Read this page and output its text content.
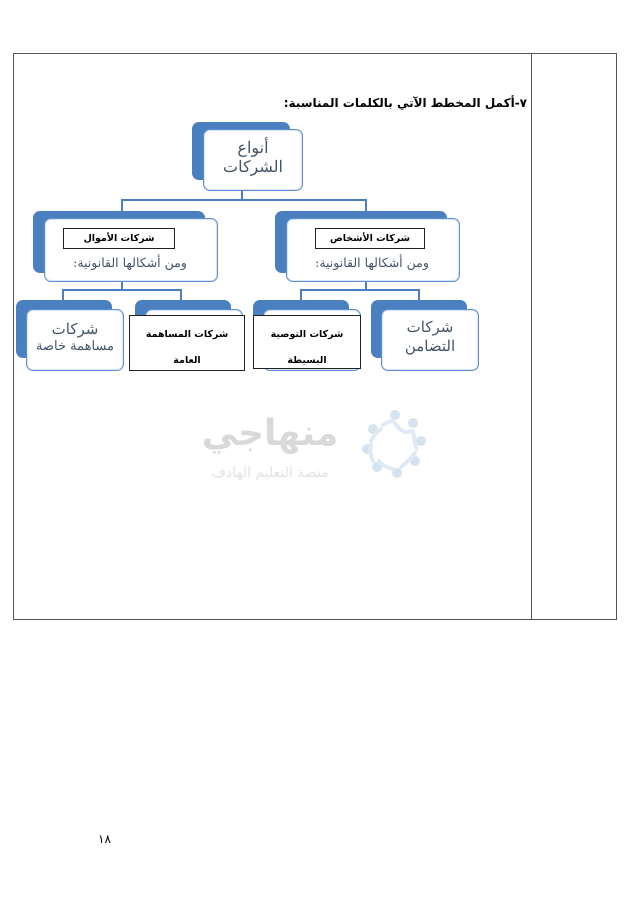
٧-أكمل المخطط الآتي بالكلمات المناسبة:
أنواع
الشركات
شركات الأشخاص
ومن أشكالها القانونية:
شركات الأموال
ومن أشكالها القانونية:
شركات
التضامن
شركات التوصية
البسيطة
شركات المساهمة
العامة
شركات
مساهمة خاصة
منهاجي
منصة التعليم الهادف
١٨
